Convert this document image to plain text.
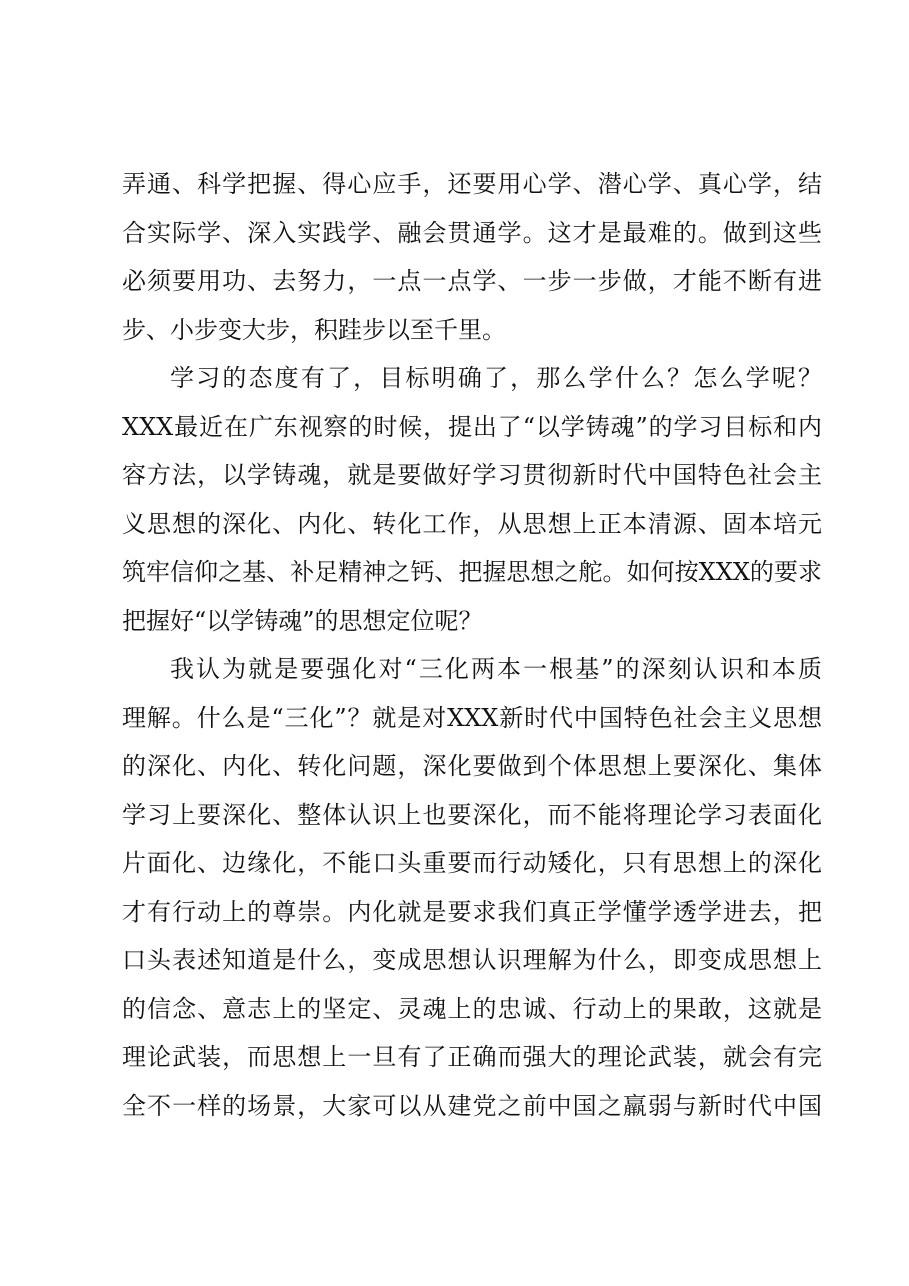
弄通、科学把握、得心应手，还要用心学、潜心学、真心学，结
合实际学、深入实践学、融会贯通学。这才是最难的。做到这些
必须要用功、去努力，一点一点学、一步一步做，才能不断有进
步、小步变大步，积跬步以至千里。
学习的态度有了，目标明确了，那么学什么？怎么学呢？
XXX最近在广东视察的时候，提出了“以学铸魂”的学习目标和内
容方法，以学铸魂，就是要做好学习贯彻新时代中国特色社会主
义思想的深化、内化、转化工作，从思想上正本清源、固本培元
筑牢信仰之基、补足精神之钙、把握思想之舵。如何按XXX的要求
把握好“以学铸魂”的思想定位呢？
我认为就是要强化对“三化两本一根基”的深刻认识和本质
理解。什么是“三化”？就是对XXX新时代中国特色社会主义思想
的深化、内化、转化问题，深化要做到个体思想上要深化、集体
学习上要深化、整体认识上也要深化，而不能将理论学习表面化
片面化、边缘化，不能口头重要而行动矮化，只有思想上的深化
才有行动上的尊崇。内化就是要求我们真正学懂学透学进去，把
口头表述知道是什么，变成思想认识理解为什么，即变成思想上
的信念、意志上的坚定、灵魂上的忠诚、行动上的果敢，这就是
理论武装，而思想上一旦有了正确而强大的理论武装，就会有完
全不一样的场景，大家可以从建党之前中国之羸弱与新时代中国
